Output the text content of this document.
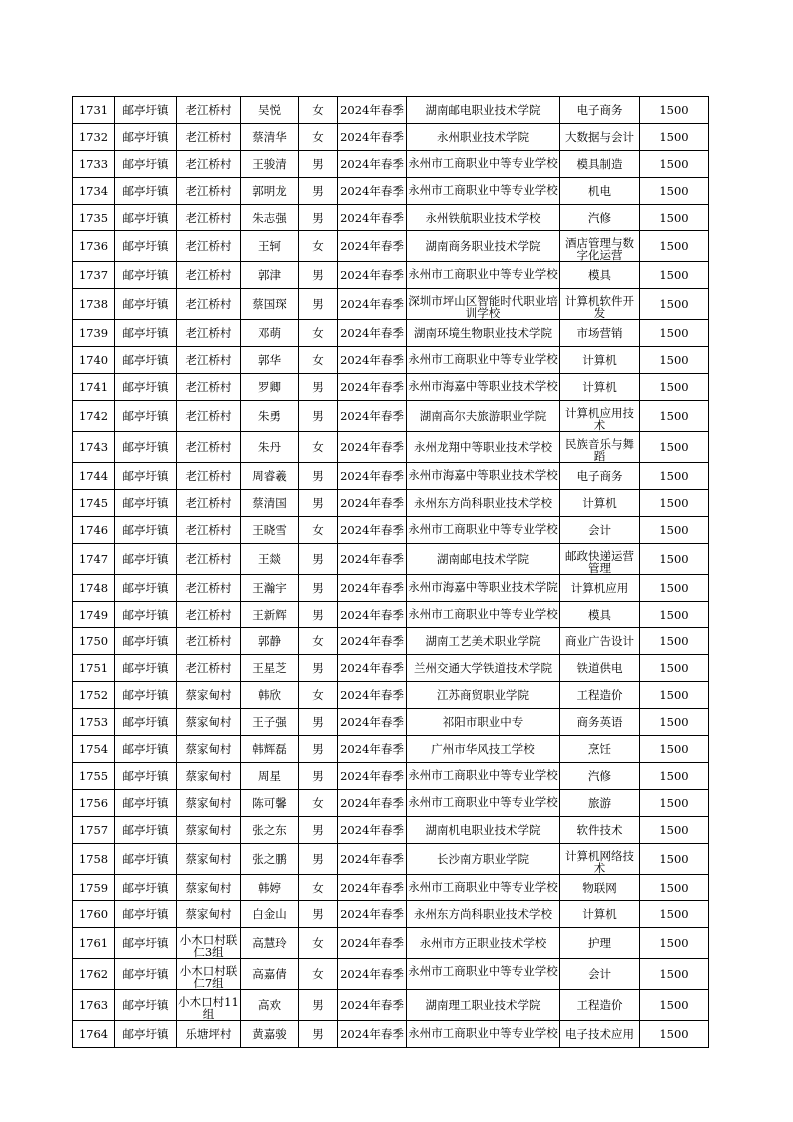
1731	邮亭圩镇	老江桥村	吴悦	女	2024年春季	湖南邮电职业技术学院	电子商务	1500
1732	邮亭圩镇	老江桥村	蔡清华	女	2024年春季	永州职业技术学院	大数据与会计	1500
1733	邮亭圩镇	老江桥村	王骏清	男	2024年春季	永州市工商职业中等专业学校	模具制造	1500
1734	邮亭圩镇	老江桥村	郭明龙	男	2024年春季	永州市工商职业中等专业学校	机电	1500
1735	邮亭圩镇	老江桥村	朱志强	男	2024年春季	永州铁航职业技术学校	汽修	1500
1736	邮亭圩镇	老江桥村	王轲	女	2024年春季	湖南商务职业技术学院	酒店管理与数字化运营	1500
1737	邮亭圩镇	老江桥村	郭津	男	2024年春季	永州市工商职业中等专业学校	模具	1500
1738	邮亭圩镇	老江桥村	蔡国琛	男	2024年春季	深圳市坪山区智能时代职业培训学校	计算机软件开发	1500
1739	邮亭圩镇	老江桥村	邓萌	女	2024年春季	湖南环境生物职业技术学院	市场营销	1500
1740	邮亭圩镇	老江桥村	郭华	女	2024年春季	永州市工商职业中等专业学校	计算机	1500
1741	邮亭圩镇	老江桥村	罗卿	男	2024年春季	永州市海嘉中等职业技术学校	计算机	1500
1742	邮亭圩镇	老江桥村	朱勇	男	2024年春季	湖南高尔夫旅游职业学院	计算机应用技术	1500
1743	邮亭圩镇	老江桥村	朱丹	女	2024年春季	永州龙翔中等职业技术学校	民族音乐与舞蹈	1500
1744	邮亭圩镇	老江桥村	周睿羲	男	2024年春季	永州市海嘉中等职业技术学校	电子商务	1500
1745	邮亭圩镇	老江桥村	蔡清国	男	2024年春季	永州东方尚科职业技术学校	计算机	1500
1746	邮亭圩镇	老江桥村	王晓雪	女	2024年春季	永州市工商职业中等专业学校	会计	1500
1747	邮亭圩镇	老江桥村	王燚	男	2024年春季	湖南邮电技术学院	邮政快递运营管理	1500
1748	邮亭圩镇	老江桥村	王瀚宇	男	2024年春季	永州市海嘉中等职业技术学院	计算机应用	1500
1749	邮亭圩镇	老江桥村	王新辉	男	2024年春季	永州市工商职业中等专业学校	模具	1500
1750	邮亭圩镇	老江桥村	郭静	女	2024年春季	湖南工艺美术职业学院	商业广告设计	1500
1751	邮亭圩镇	老江桥村	王星芝	男	2024年春季	兰州交通大学铁道技术学院	铁道供电	1500
1752	邮亭圩镇	蔡家甸村	韩欣	女	2024年春季	江苏商贸职业学院	工程造价	1500
1753	邮亭圩镇	蔡家甸村	王子强	男	2024年春季	祁阳市职业中专	商务英语	1500
1754	邮亭圩镇	蔡家甸村	韩辉磊	男	2024年春季	广州市华风技工学校	烹饪	1500
1755	邮亭圩镇	蔡家甸村	周星	男	2024年春季	永州市工商职业中等专业学校	汽修	1500
1756	邮亭圩镇	蔡家甸村	陈可馨	女	2024年春季	永州市工商职业中等专业学校	旅游	1500
1757	邮亭圩镇	蔡家甸村	张之东	男	2024年春季	湖南机电职业技术学院	软件技术	1500
1758	邮亭圩镇	蔡家甸村	张之鹏	男	2024年春季	长沙南方职业学院	计算机网络技术	1500
1759	邮亭圩镇	蔡家甸村	韩婷	女	2024年春季	永州市工商职业中等专业学校	物联网	1500
1760	邮亭圩镇	蔡家甸村	白金山	男	2024年春季	永州东方尚科职业技术学校	计算机	1500
1761	邮亭圩镇	小木口村联仁3组	高慧玲	女	2024年春季	永州市方正职业技术学校	护理	1500
1762	邮亭圩镇	小木口村联仁7组	高嘉倩	女	2024年春季	永州市工商职业中等专业学校	会计	1500
1763	邮亭圩镇	小木口村11组	高欢	男	2024年春季	湖南理工职业技术学院	工程造价	1500
1764	邮亭圩镇	乐塘坪村	黄嘉骏	男	2024年春季	永州市工商职业中等专业学校	电子技术应用	1500
